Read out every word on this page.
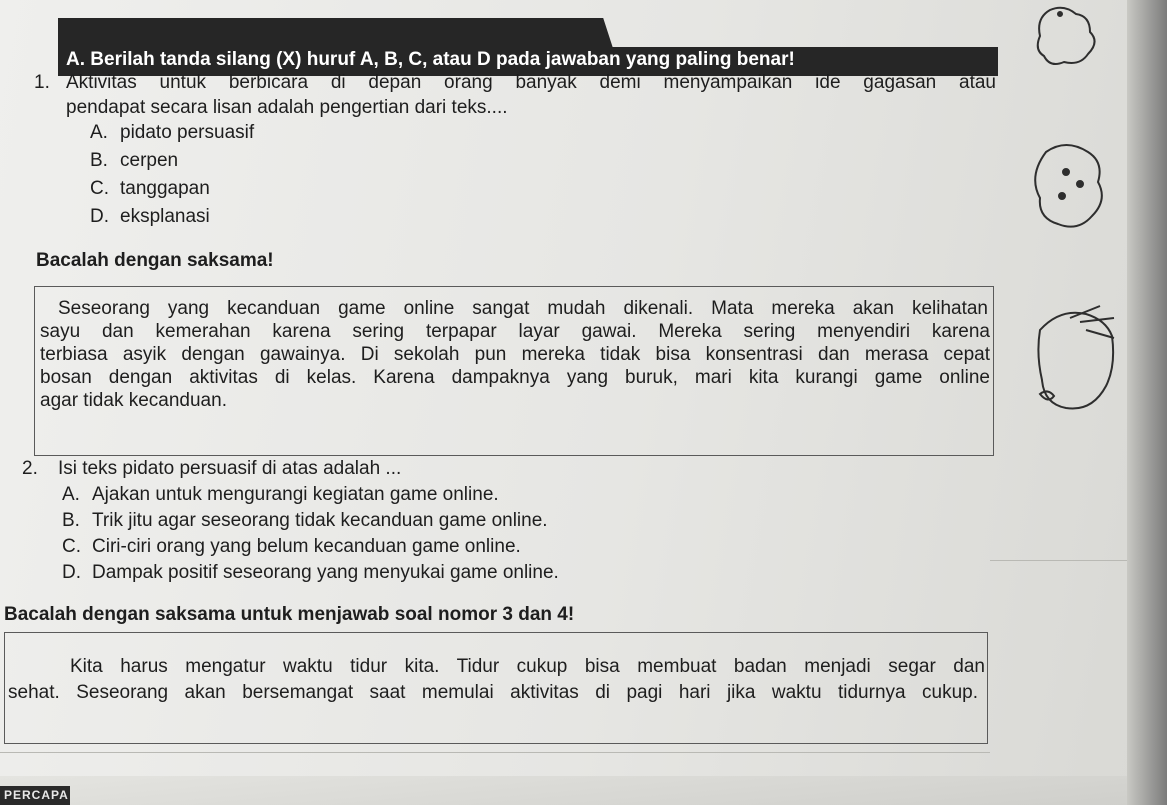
A. Berilah tanda silang (X) huruf A, B, C, atau D pada jawaban yang paling benar!
1. Aktivitas untuk berbicara di depan orang banyak demi menyampaikan ide gagasan atau
pendapat secara lisan adalah pengertian dari teks....
A. pidato persuasif
B. cerpen
C. tanggapan
D. eksplanasi
Bacalah dengan saksama!
Seseorang yang kecanduan game online sangat mudah dikenali. Mata mereka akan kelihatan
sayu dan kemerahan karena sering terpapar layar gawai. Mereka sering menyendiri karena
terbiasa asyik dengan gawainya. Di sekolah pun mereka tidak bisa konsentrasi dan merasa cepat
bosan dengan aktivitas di kelas. Karena dampaknya yang buruk, mari kita kurangi game online
agar tidak kecanduan.
2. Isi teks pidato persuasif di atas adalah ...
A. Ajakan untuk mengurangi kegiatan game online.
B. Trik jitu agar seseorang tidak kecanduan game online.
C. Ciri-ciri orang yang belum kecanduan game online.
D. Dampak positif seseorang yang menyukai game online.
Bacalah dengan saksama untuk menjawab soal nomor 3 dan 4!
Kita harus mengatur waktu tidur kita. Tidur cukup bisa membuat badan menjadi segar dan
sehat. Seseorang akan bersemangat saat memulai aktivitas di pagi hari jika waktu tidurnya cukup.
PERCAPA
